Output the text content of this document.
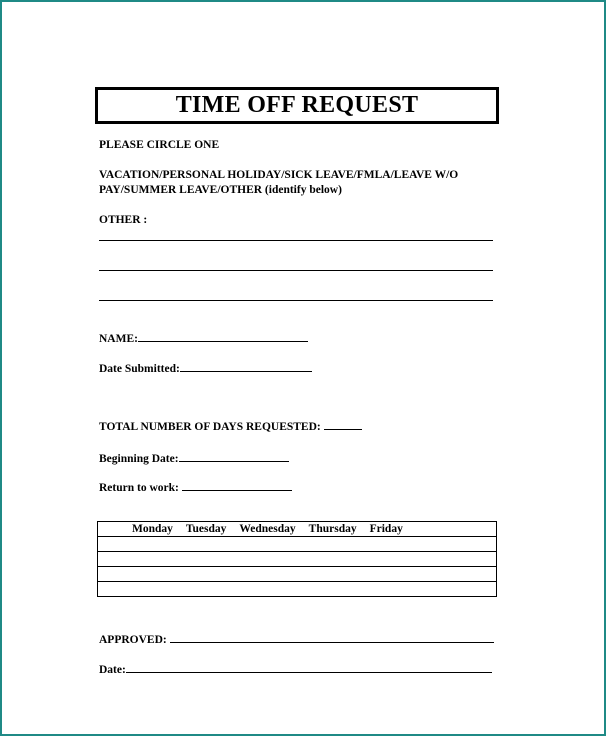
TIME OFF REQUEST
PLEASE CIRCLE ONE
VACATION/PERSONAL HOLIDAY/SICK LEAVE/FMLA/LEAVE W/O
PAY/SUMMER LEAVE/OTHER (identify below)
OTHER :
NAME:
Date Submitted:
TOTAL NUMBER OF DAYS REQUESTED:
Beginning Date:
Return to work:
Monday Tuesday Wednesday Thursday Friday

APPROVED:
Date:
